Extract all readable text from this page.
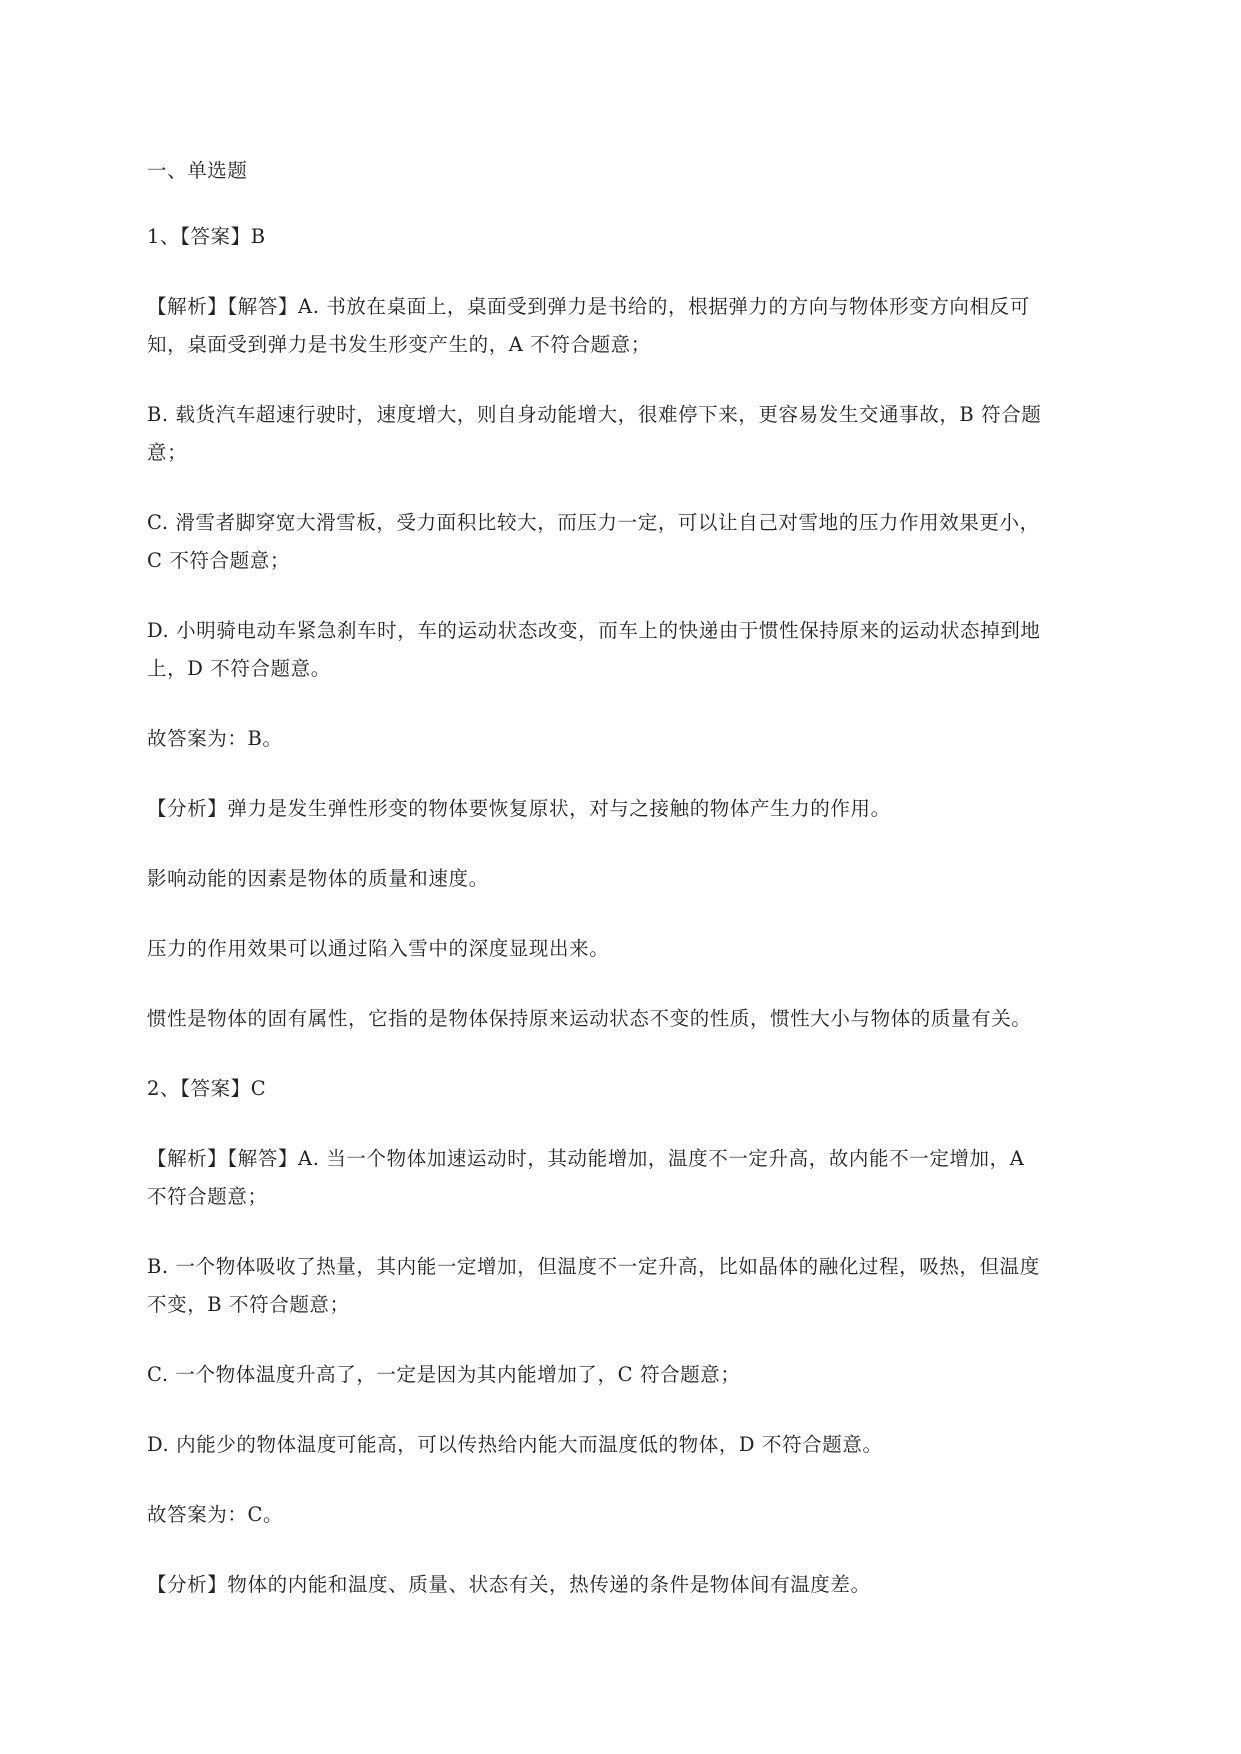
一、单选题
1、【答案】B
【解析】【解答】A. 书放在桌面上，桌面受到弹力是书给的，根据弹力的方向与物体形变方向相反可
知，桌面受到弹力是书发生形变产生的，A 不符合题意；
B. 载货汽车超速行驶时，速度增大，则自身动能增大，很难停下来，更容易发生交通事故，B 符合题
意；
C. 滑雪者脚穿宽大滑雪板，受力面积比较大，而压力一定，可以让自己对雪地的压力作用效果更小，
C 不符合题意；
D. 小明骑电动车紧急刹车时，车的运动状态改变，而车上的快递由于惯性保持原来的运动状态掉到地
上，D 不符合题意。
故答案为：B。
【分析】弹力是发生弹性形变的物体要恢复原状，对与之接触的物体产生力的作用。
影响动能的因素是物体的质量和速度。
压力的作用效果可以通过陷入雪中的深度显现出来。
惯性是物体的固有属性，它指的是物体保持原来运动状态不变的性质，惯性大小与物体的质量有关。
2、【答案】C
【解析】【解答】A. 当一个物体加速运动时，其动能增加，温度不一定升高，故内能不一定增加，A
不符合题意；
B. 一个物体吸收了热量，其内能一定增加，但温度不一定升高，比如晶体的融化过程，吸热，但温度
不变，B 不符合题意；
C. 一个物体温度升高了，一定是因为其内能增加了，C 符合题意；
D. 内能少的物体温度可能高，可以传热给内能大而温度低的物体，D 不符合题意。
故答案为：C。
【分析】物体的内能和温度、质量、状态有关，热传递的条件是物体间有温度差。
